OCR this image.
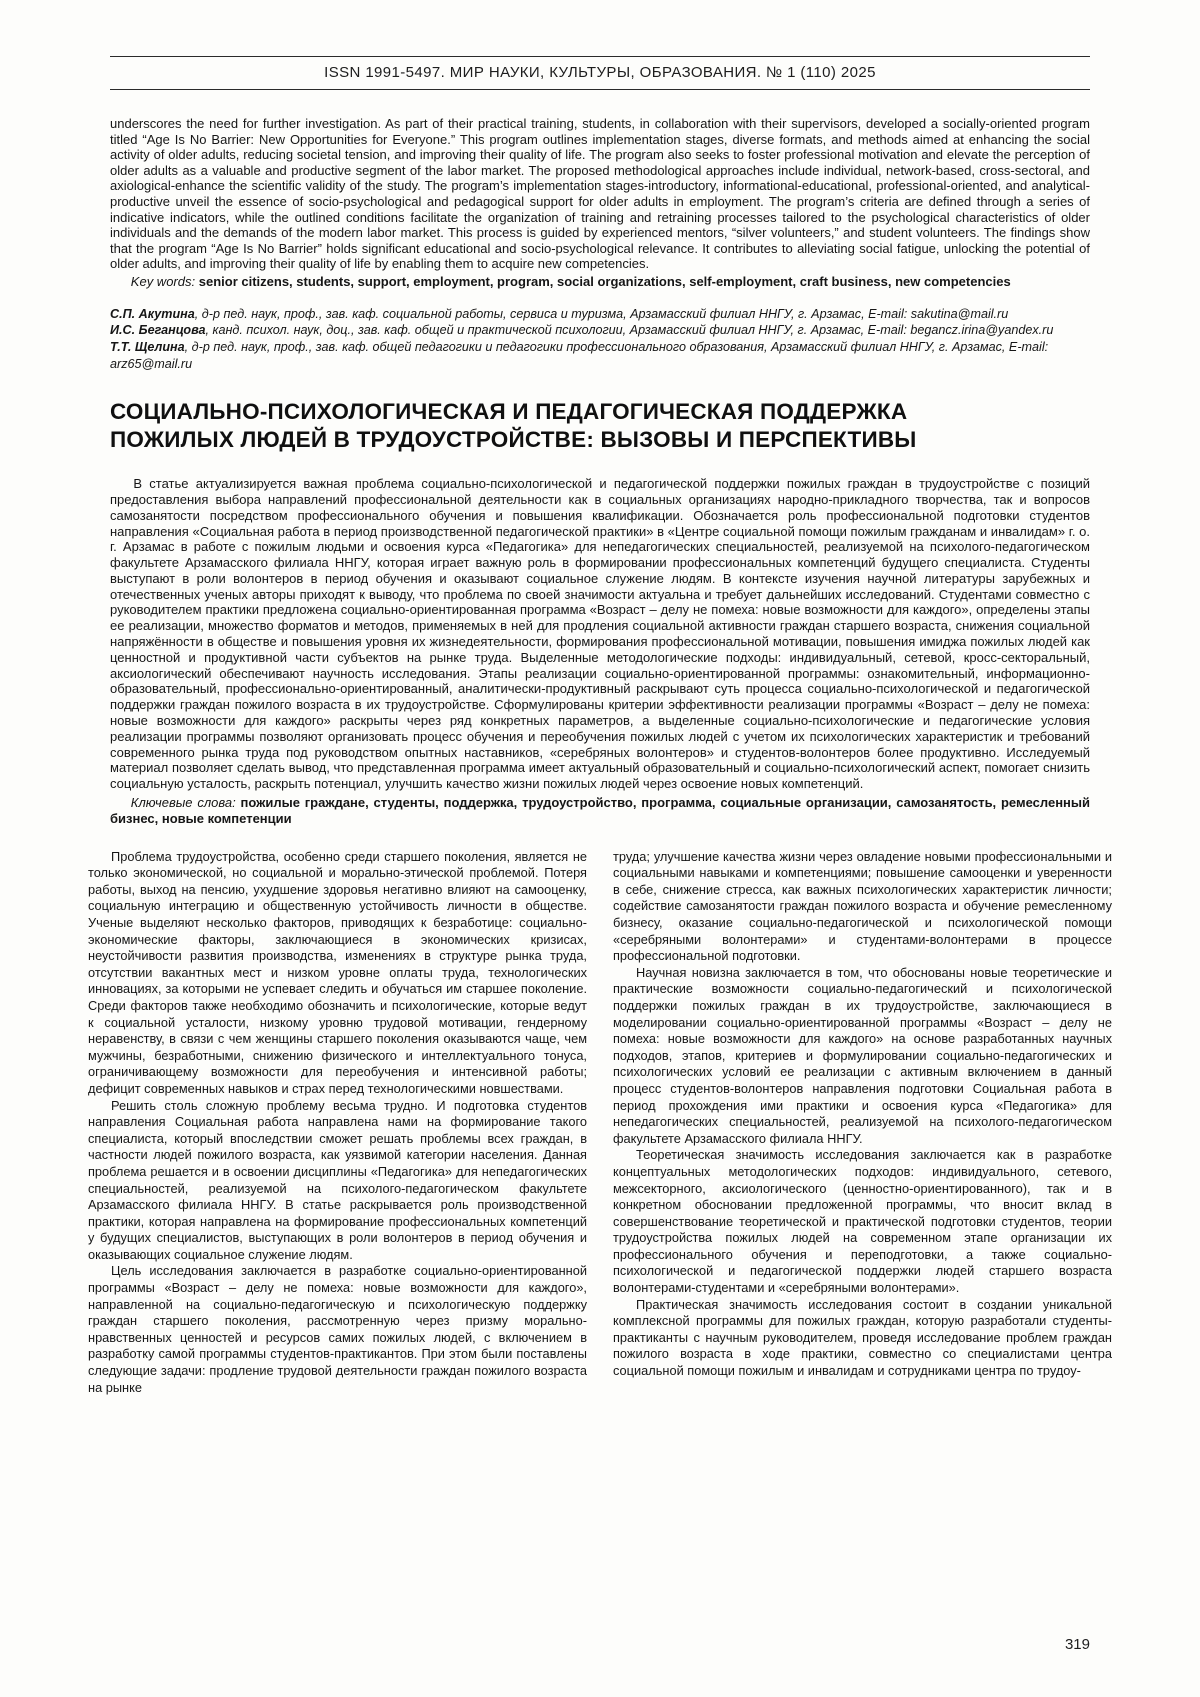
ISSN 1991-5497. МИР НАУКИ, КУЛЬТУРЫ, ОБРАЗОВАНИЯ. № 1 (110) 2025

underscores the need for further investigation. As part of their practical training, students, in collaboration with their supervisors, developed a socially-oriented program titled “Age Is No Barrier: New Opportunities for Everyone.” This program outlines implementation stages, diverse formats, and methods aimed at enhancing the social activity of older adults, reducing societal tension, and improving their quality of life. The program also seeks to foster professional motivation and elevate the perception of older adults as a valuable and productive segment of the labor market. The proposed methodological approaches include individual, network-based, cross-sectoral, and axiological-enhance the scientific validity of the study. The program’s implementation stages-introductory, informational-educational, professional-oriented, and analytical-productive unveil the essence of socio-psychological and pedagogical support for older adults in employment. The program’s criteria are defined through a series of indicative indicators, while the outlined conditions facilitate the organization of training and retraining processes tailored to the psychological characteristics of older individuals and the demands of the modern labor market. This process is guided by experienced mentors, “silver volunteers,” and student volunteers. The findings show that the program “Age Is No Barrier” holds significant educational and socio-psychological relevance. It contributes to alleviating social fatigue, unlocking the potential of older adults, and improving their quality of life by enabling them to acquire new competencies.

Key words: senior citizens, students, support, employment, program, social organizations, self-employment, craft business, new competencies

С.П. Акутина, д-р пед. наук, проф., зав. каф. социальной работы, сервиса и туризма, Арзамасский филиал ННГУ, г. Арзамас, E-mail: sakutina@mail.ru

И.С. Беганцова, канд. психол. наук, доц., зав. каф. общей и практической психологии, Арзамасский филиал ННГУ, г. Арзамас, E-mail: begancz.irina@yandex.ru

Т.Т. Щелина, д-р пед. наук, проф., зав. каф. общей педагогики и педагогики профессионального образования, Арзамасский филиал ННГУ, г. Арзамас, E-mail: arz65@mail.ru

СОЦИАЛЬНО-ПСИХОЛОГИЧЕСКАЯ И ПЕДАГОГИЧЕСКАЯ ПОДДЕРЖКА
ПОЖИЛЫХ ЛЮДЕЙ В ТРУДОУСТРОЙСТВЕ: ВЫЗОВЫ И ПЕРСПЕКТИВЫ

В статье актуализируется важная проблема социально-психологической и педагогической поддержки пожилых граждан в трудоустройстве с позиций предоставления выбора направлений профессиональной деятельности как в социальных организациях народно-прикладного творчества, так и вопросов самозанятости посредством профессионального обучения и повышения квалификации. Обозначается роль профессиональной подготовки студентов направления «Социальная работа в период производственной педагогической практики» в «Центре социальной помощи пожилым гражданам и инвалидам» г. о. г. Арзамас в работе с пожилым людьми и освоения курса «Педагогика» для непедагогических специальностей, реализуемой на психолого-педагогическом факультете Арзамасского филиала ННГУ, которая играет важную роль в формировании профессиональных компетенций будущего специалиста. Студенты выступают в роли волонтеров в период обучения и оказывают социальное служение людям. В контексте изучения научной литературы зарубежных и отечественных ученых авторы приходят к выводу, что проблема по своей значимости актуальна и требует дальнейших исследований. Студентами совместно с руководителем практики предложена социально-ориентированная программа «Возраст – делу не помеха: новые возможности для каждого», определены этапы ее реализации, множество форматов и методов, применяемых в ней для продления социальной активности граждан старшего возраста, снижения социальной напряжённости в обществе и повышения уровня их жизнедеятельности, формирования профессиональной мотивации, повышения имиджа пожилых людей как ценностной и продуктивной части субъектов на рынке труда. Выделенные методологические подходы: индивидуальный, сетевой, кросс-секторальный, аксиологический обеспечивают научность исследования. Этапы реализации социально-ориентированной программы: ознакомительный, информационно-образовательный, профессионально-ориентированный, аналитически-продуктивный раскрывают суть процесса социально-психологической и педагогической поддержки граждан пожилого возраста в их трудоустройстве. Сформулированы критерии эффективности реализации программы «Возраст – делу не помеха: новые возможности для каждого» раскрыты через ряд конкретных параметров, а выделенные социально-психологические и педагогические условия реализации программы позволяют организовать процесс обучения и переобучения пожилых людей с учетом их психологических характеристик и требований современного рынка труда под руководством опытных наставников, «серебряных волонтеров» и студентов-волонтеров более продуктивно. Исследуемый материал позволяет сделать вывод, что представленная программа имеет актуальный образовательный и социально-психологический аспект, помогает снизить социальную усталость, раскрыть потенциал, улучшить качество жизни пожилых людей через освоение новых компетенций.

Ключевые слова: пожилые граждане, студенты, поддержка, трудоустройство, программа, социальные организации, самозанятость, ремесленный бизнес, новые компетенции

Проблема трудоустройства, особенно среди старшего поколения, является не только экономической, но социальной и морально-этической проблемой. Потеря работы, выход на пенсию, ухудшение здоровья негативно влияют на самооценку, социальную интеграцию и общественную устойчивость личности в обществе. Ученые выделяют несколько факторов, приводящих к безработице: социально-экономические факторы, заключающиеся в экономических кризисах, неустойчивости развития производства, изменениях в структуре рынка труда, отсутствии вакантных мест и низком уровне оплаты труда, технологических инновациях, за которыми не успевает следить и обучаться им старшее поколение. Среди факторов также необходимо обозначить и психологические, которые ведут к социальной усталости, низкому уровню трудовой мотивации, гендерному неравенству, в связи с чем женщины старшего поколения оказываются чаще, чем мужчины, безработными, снижению физического и интеллектуального тонуса, ограничивающему возможности для переобучения и интенсивной работы; дефицит современных навыков и страх перед технологическими новшествами.

Решить столь сложную проблему весьма трудно. И подготовка студентов направления Социальная работа направлена нами на формирование такого специалиста, который впоследствии сможет решать проблемы всех граждан, в частности людей пожилого возраста, как уязвимой категории населения. Данная проблема решается и в освоении дисциплины «Педагогика» для непедагогических специальностей, реализуемой на психолого-педагогическом факультете Арзамасского филиала ННГУ. В статье раскрывается роль производственной практики, которая направлена на формирование профессиональных компетенций у будущих специалистов, выступающих в роли волонтеров в период обучения и оказывающих социальное служение людям.

Цель исследования заключается в разработке социально-ориентированной программы «Возраст – делу не помеха: новые возможности для каждого», направленной на социально-педагогическую и психологическую поддержку граждан старшего поколения, рассмотренную через призму морально-нравственных ценностей и ресурсов самих пожилых людей, с включением в разработку самой программы студентов-практикантов. При этом были поставлены следующие задачи: продление трудовой деятельности граждан пожилого возраста на рынке

труда; улучшение качества жизни через овладение новыми профессиональными и социальными навыками и компетенциями; повышение самооценки и уверенности в себе, снижение стресса, как важных психологических характеристик личности; содействие самозанятости граждан пожилого возраста и обучение ремесленному бизнесу, оказание социально-педагогической и психологической помощи «серебряными волонтерами» и студентами-волонтерами в процессе профессиональной подготовки.

Научная новизна заключается в том, что обоснованы новые теоретические и практические возможности социально-педагогический и психологической поддержки пожилых граждан в их трудоустройстве, заключающиеся в моделировании социально-ориентированной программы «Возраст – делу не помеха: новые возможности для каждого» на основе разработанных научных подходов, этапов, критериев и формулировании социально-педагогических и психологических условий ее реализации с активным включением в данный процесс студентов-волонтеров направления подготовки Социальная работа в период прохождения ими практики и освоения курса «Педагогика» для непедагогических специальностей, реализуемой на психолого-педагогическом факультете Арзамасского филиала ННГУ.

Теоретическая значимость исследования заключается как в разработке концептуальных методологических подходов: индивидуального, сетевого, межсекторного, аксиологического (ценностно-ориентированного), так и в конкретном обосновании предложенной программы, что вносит вклад в совершенствование теоретической и практической подготовки студентов, теории трудоустройства пожилых людей на современном этапе организации их профессионального обучения и переподготовки, а также социально-психологической и педагогической поддержки людей старшего возраста волонтерами-студентами и «серебряными волонтерами».

Практическая значимость исследования состоит в создании уникальной комплексной программы для пожилых граждан, которую разработали студенты-практиканты с научным руководителем, проведя исследование проблем граждан пожилого возраста в ходе практики, совместно со специалистами центра социальной помощи пожилым и инвалидам и сотрудниками центра по трудоу-

319
